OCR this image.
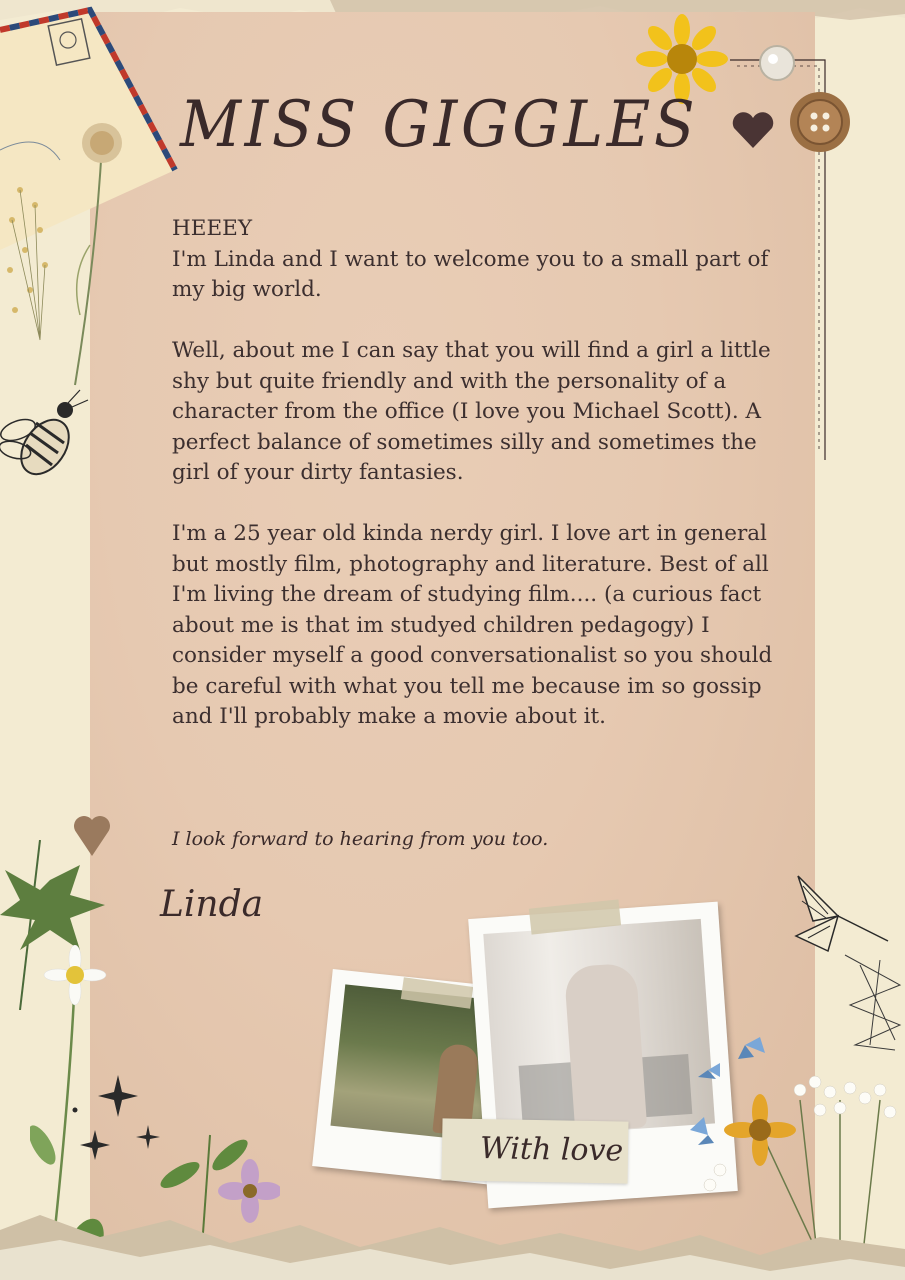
MISS GIGGLES

HEEEY
I'm Linda and I want to welcome you to a small part of my big world.

Well, about me I can say that you will find a girl a little shy but quite friendly and with the personality of a character from the office (I love you Michael Scott). A perfect balance of sometimes silly and sometimes the girl of your dirty fantasies.

I'm a 25 year old kinda nerdy girl. I love art in general but mostly film, photography and literature. Best of all I'm living the dream of studying film.... (a curious fact about me is that im studyed children pedagogy) I consider myself a good conversationalist so you should be careful with what you tell me because im so gossip and I'll probably make a movie about it.

I look forward to hearing from you too.
Linda
With love
